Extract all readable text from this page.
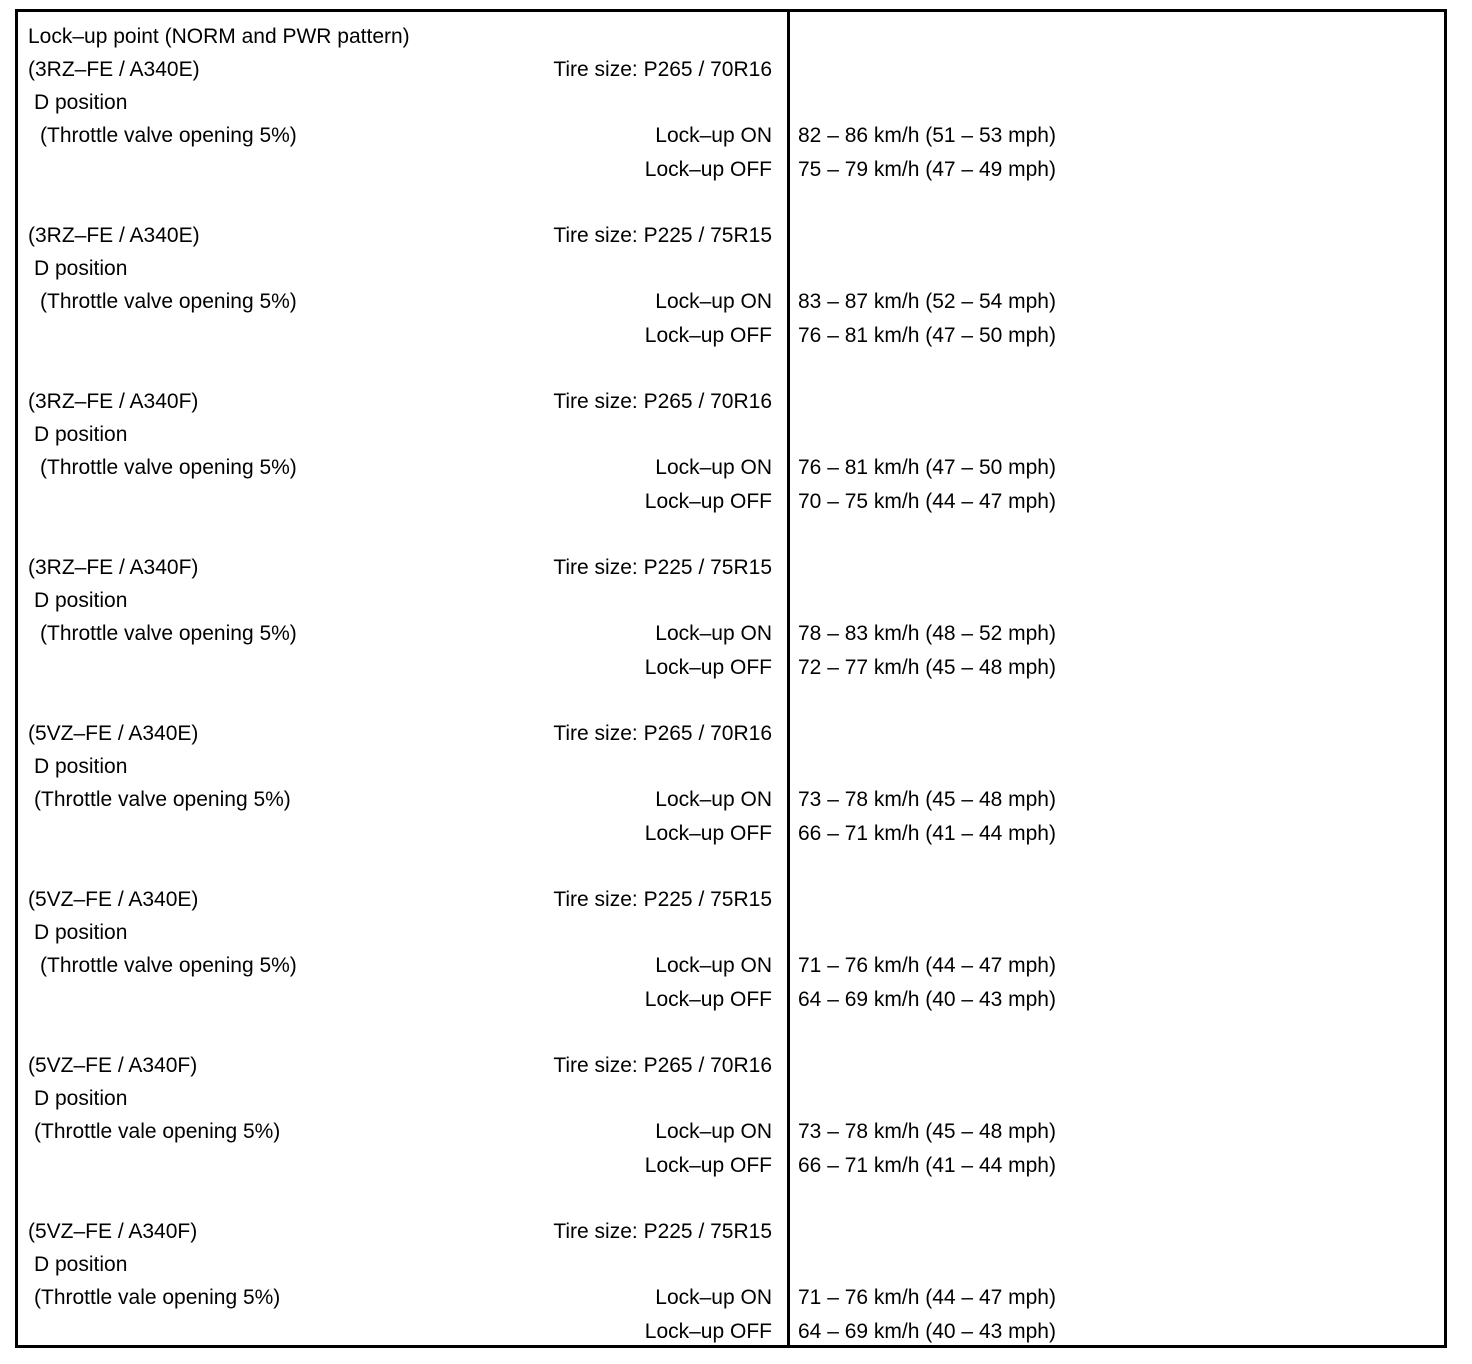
Lock–up point (NORM and PWR pattern)
(3RZ–FE / A340E)	Tire size: P265 / 70R16
D position
(Throttle valve opening 5%)	Lock–up ON 82 – 86 km/h (51 – 53 mph)
Lock–up OFF 75 – 79 km/h (47 – 49 mph)
(3RZ–FE / A340E)	Tire size: P225 / 75R15
D position
(Throttle valve opening 5%)	Lock–up ON 83 – 87 km/h (52 – 54 mph)
Lock–up OFF 76 – 81 km/h (47 – 50 mph)
(3RZ–FE / A340F)	Tire size: P265 / 70R16
D position
(Throttle valve opening 5%)	Lock–up ON 76 – 81 km/h (47 – 50 mph)
Lock–up OFF 70 – 75 km/h (44 – 47 mph)
(3RZ–FE / A340F)	Tire size: P225 / 75R15
D position
(Throttle valve opening 5%)	Lock–up ON 78 – 83 km/h (48 – 52 mph)
Lock–up OFF 72 – 77 km/h (45 – 48 mph)
(5VZ–FE / A340E)	Tire size: P265 / 70R16
D position
(Throttle valve opening 5%)	Lock–up ON 73 – 78 km/h (45 – 48 mph)
Lock–up OFF 66 – 71 km/h (41 – 44 mph)
(5VZ–FE / A340E)	Tire size: P225 / 75R15
D position
(Throttle valve opening 5%)	Lock–up ON 71 – 76 km/h (44 – 47 mph)
Lock–up OFF 64 – 69 km/h (40 – 43 mph)
(5VZ–FE / A340F)	Tire size: P265 / 70R16
D position
(Throttle vale opening 5%)	Lock–up ON 73 – 78 km/h (45 – 48 mph)
Lock–up OFF 66 – 71 km/h (41 – 44 mph)
(5VZ–FE / A340F)	Tire size: P225 / 75R15
D position
(Throttle vale opening 5%)	Lock–up ON 71 – 76 km/h (44 – 47 mph)
Lock–up OFF 64 – 69 km/h (40 – 43 mph)
